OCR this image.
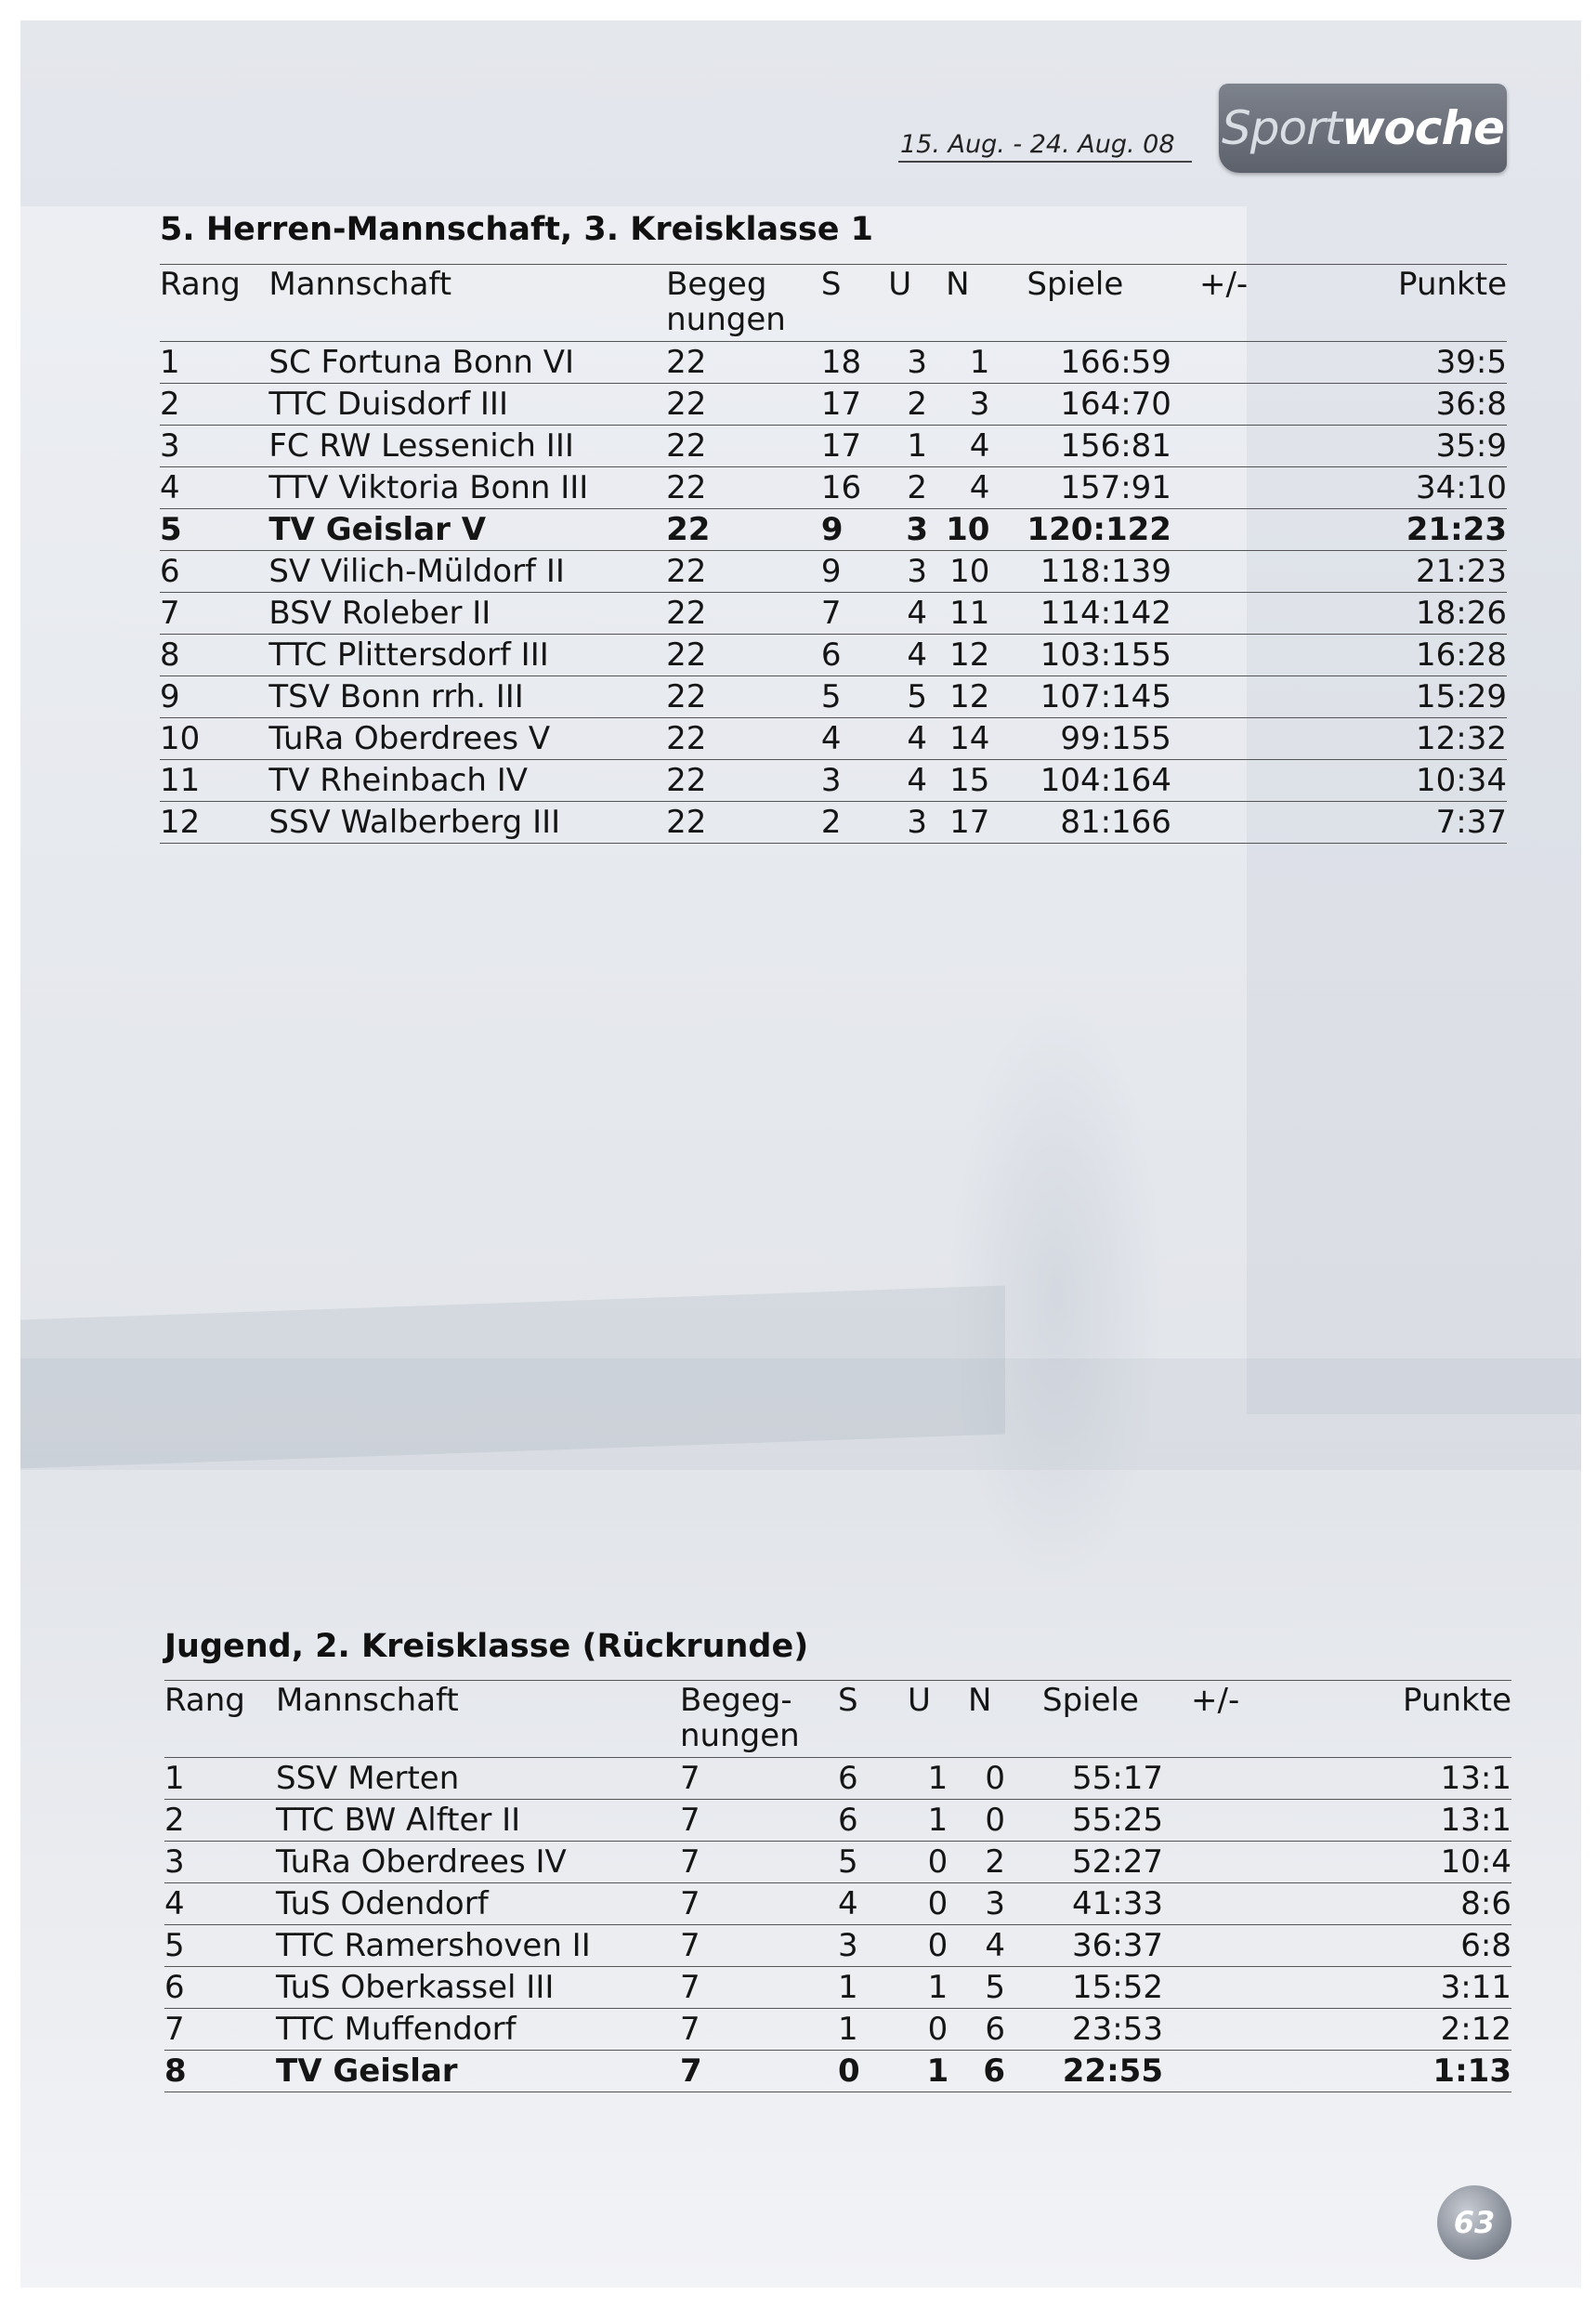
15. Aug. - 24. Aug. 08	Sportwoche
5. Herren-Mannschaft, 3. Kreisklasse 1
Rang	Mannschaft	Begeg
nungen	S	U	N	Spiele	+/-	Punkte
1	SC Fortuna Bonn VI	22	18	3	1	166:59		39:5
2	TTC Duisdorf III	22	17	2	3	164:70		36:8
3	FC RW Lessenich III	22	17	1	4	156:81		35:9
4	TTV Viktoria Bonn III	22	16	2	4	157:91		34:10
5	TV Geislar V	22	9	3	10	120:122		21:23
6	SV Vilich-Müldorf II	22	9	3	10	118:139		21:23
7	BSV Roleber II	22	7	4	11	114:142		18:26
8	TTC Plittersdorf III	22	6	4	12	103:155		16:28
9	TSV Bonn rrh. III	22	5	5	12	107:145		15:29
10	TuRa Oberdrees V	22	4	4	14	99:155		12:32
11	TV Rheinbach IV	22	3	4	15	104:164		10:34
12	SSV Walberberg III	22	2	3	17	81:166		7:37
Jugend, 2. Kreisklasse (Rückrunde)
Rang	Mannschaft	Begeg-
nungen	S	U	N	Spiele	+/-	Punkte
1	SSV Merten	7	6	1	0	55:17		13:1
2	TTC BW Alfter II	7	6	1	0	55:25		13:1
3	TuRa Oberdrees IV	7	5	0	2	52:27		10:4
4	TuS Odendorf	7	4	0	3	41:33		8:6
5	TTC Ramershoven II	7	3	0	4	36:37		6:8
6	TuS Oberkassel III	7	1	1	5	15:52		3:11
7	TTC Muffendorf	7	1	0	6	23:53		2:12
8	TV Geislar	7	0	1	6	22:55		1:13
63
